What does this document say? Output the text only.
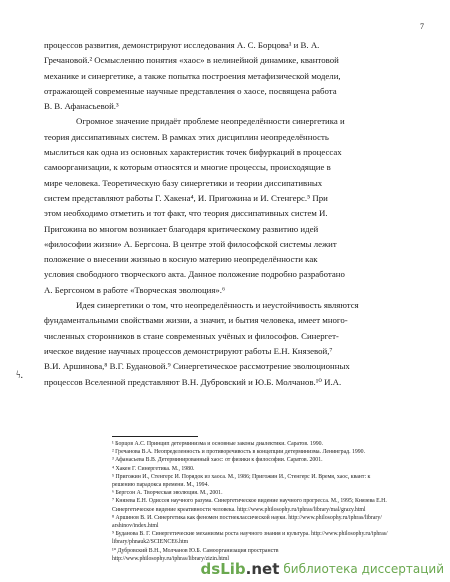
7

процессов развития, демонстрируют исследования А. С. Борцова¹ и В. А.
Гречановой.² Осмысленню понятия «хаос» в нелинейной динамике, квантовой
механике и синергетике, а также попытка построения метафизической модели,
отражающей современные научные представления о хаосе, посвящена работа
В. В. Афанасьевой.³

Огромное значение придаёт проблеме неопределённости синергетика и
теория диссипативных систем. В рамках этих дисциплин неопределённость
мыслиться как одна из основных характеристик точек бифуркаций в процессах
самоорганизации, к которым относятся и многие процессы, происходящие в
мире человека. Теоретическую базу синергетики и теории диссипативных
систем представляют работы Г. Хакена⁴, И. Пригожина и И. Стенгерс.⁵ При
этом необходимо отметить и тот факт, что теория диссипативных систем И.
Пригожина во многом возникает благодаря критическому развитию идей
«философии жизни» А. Бергсона. В центре этой философской системы лежит
положение о внесении жизнью в косную материю неопределённости как
условия свободного творческого акта. Данное положение подробно разработано
А. Бергсоном в работе «Творческая эволюция».⁶

Идея синергетики о том, что неопределённость и неустойчивость являются
фундаментальными свойствами жизни, а значит, и бытия человека, имеет много-
численных сторонников в стане современных учёных и философов. Синергет-
ическое видение научных процессов демонстрируют работы Е.Н. Князевой,⁷
В.И. Аршинова,⁸ В.Г. Будановой.⁹ Синергетическое рассмотрение эволюционных
процессов Вселенной представляют В.Н. Дубровский и Ю.Б. Молчанов.¹⁰ И.А.

ϟ.
¹ Борцов А.С. Принцип детерминизма и основные законы диалектики. Саратов. 1990.
² Гречанова В.А. Неопределенность и противоречивость в концепции детерминизма. Ленинград. 1990.
³ Афанасьева В.В. Детерминированный хаос: от физики к философии. Саратов. 2001.
⁴ Хакен Г. Синергетика. М., 1980.
⁵ Пригожин И., Стенгерс И. Порядок из хаоса. М., 1986; Пригожин И., Стенгерс И. Время, хаос, квант: к
решению парадокса времени. М., 1994.
⁶ Бергсон А. Творческая эволюция. М., 2001.
⁷ Князева Е.Н. Одиссея научного разума. Синергетическое видение научного прогресса. М., 1995; Князева Е.Н.
Синергетическое видение креативности человека. http://www.philosophy.ru/iphras/library/mal/grazy.html
⁸ Аршинов В. И. Синергетика как феномен постнеклассической науки. http://www.philosophy.ru/iphras/library/
arshinov/index.html
⁹ Буданова В. Г. Синергетические механизмы роста научного знания и культура. http://www.philosophy.ru/iphras/
library/phnauk2/SCIENCE6.htm
¹⁰ Дубровский В.Н., Молчанов Ю.Б. Самоорганизация пространств
http://www.philosophy.ru/iphras/library/zizin.html
dsLib.net библиотека диссертаций
